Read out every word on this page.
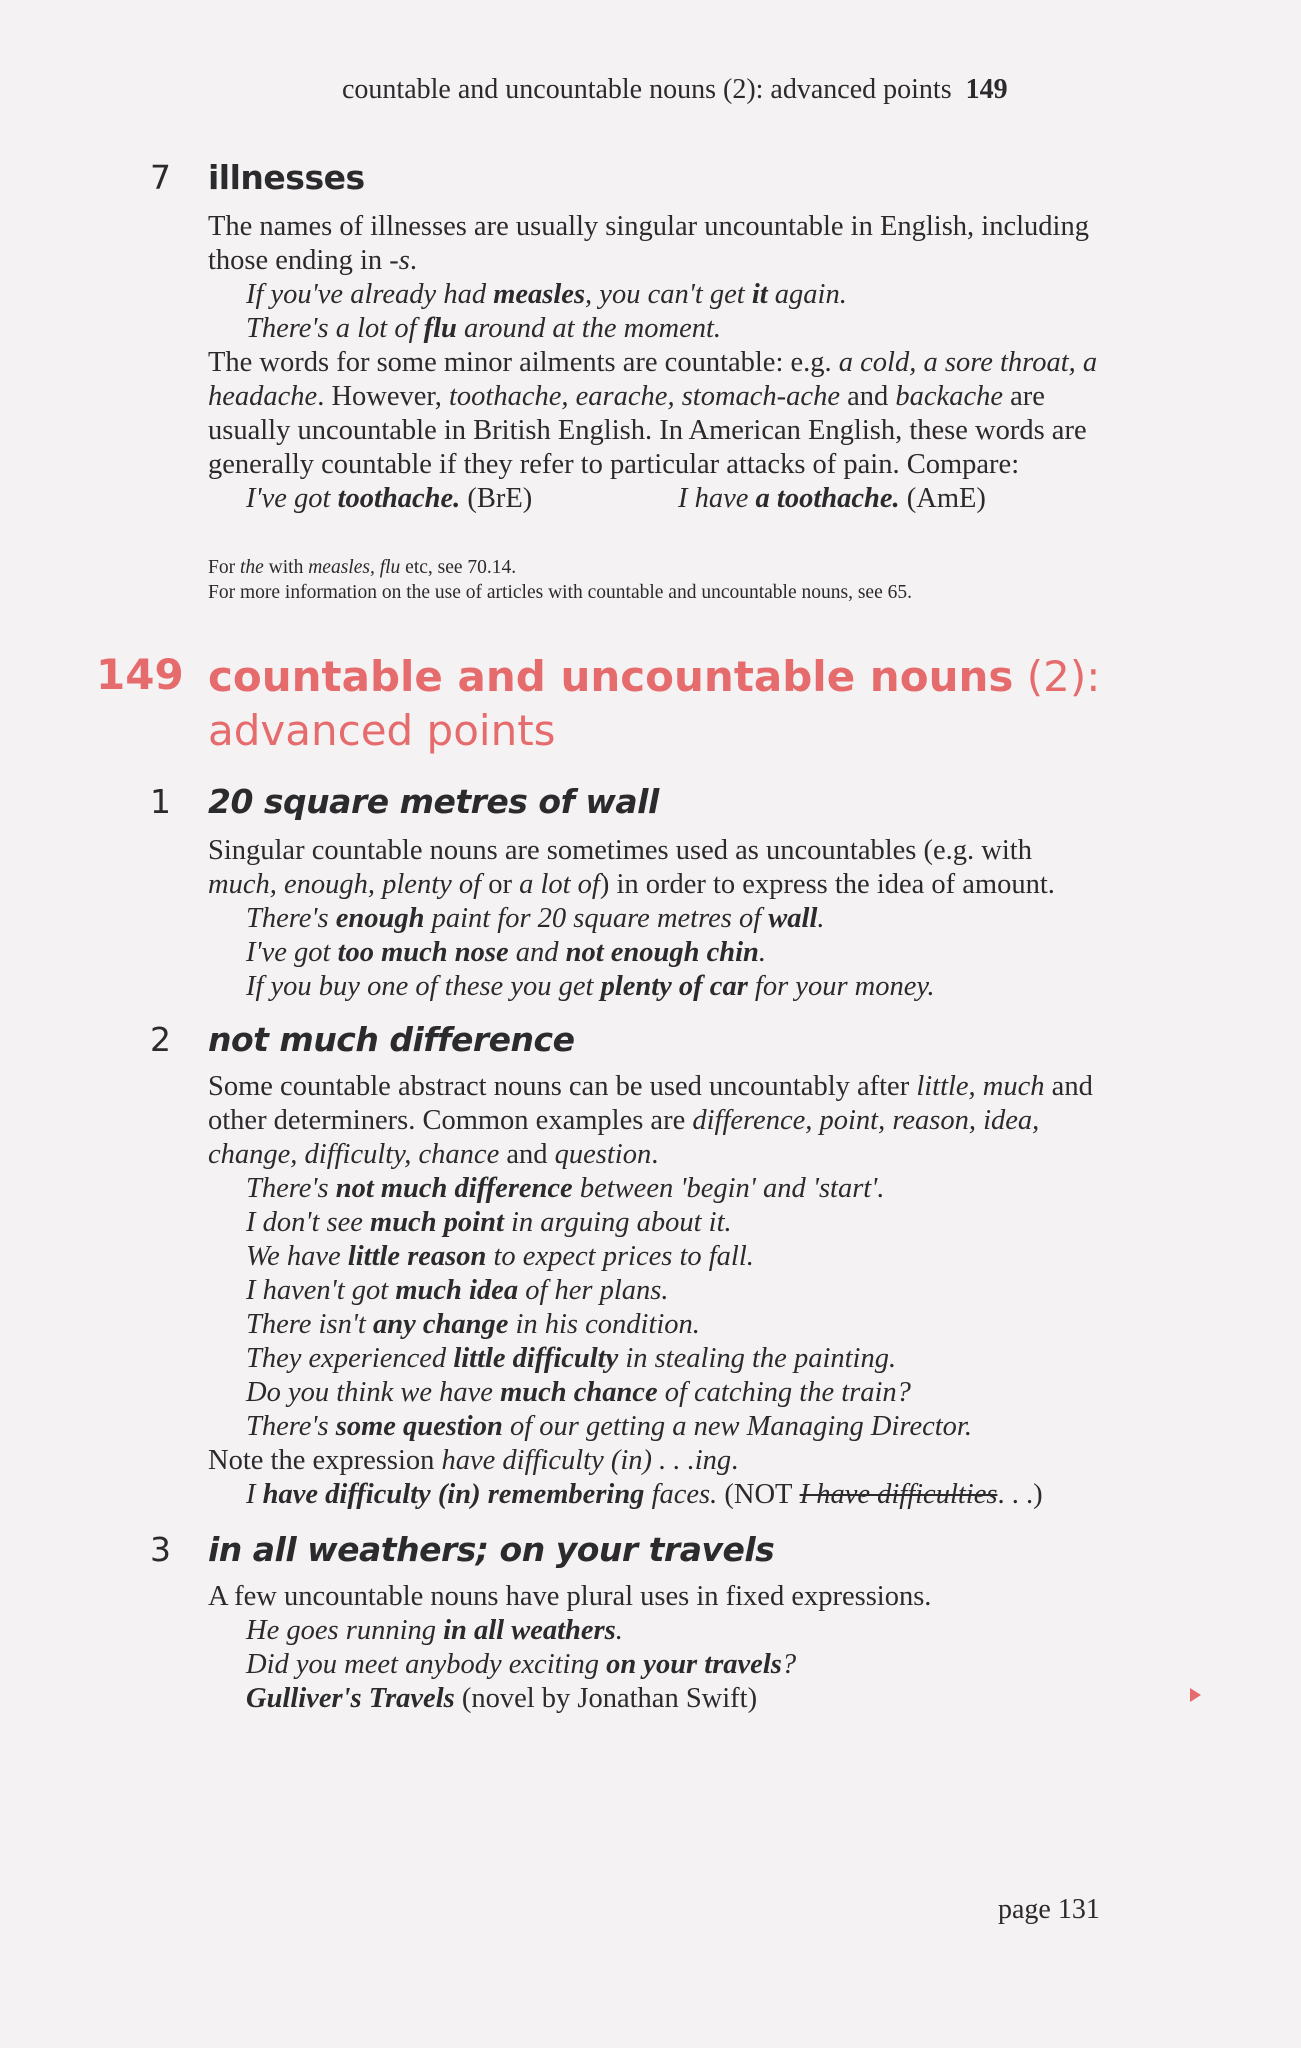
countable and uncountable nouns (2): advanced points 149
7 illnesses
The names of illnesses are usually singular uncountable in English, including
those ending in -s.
If you've already had measles, you can't get it again.
There's a lot of flu around at the moment.
The words for some minor ailments are countable: e.g. a cold, a sore throat, a
headache. However, toothache, earache, stomach-ache and backache are
usually uncountable in British English. In American English, these words are
generally countable if they refer to particular attacks of pain. Compare:
I've got toothache. (BrE)	I have a toothache. (AmE)
For the with measles, flu etc, see 70.14.
For more information on the use of articles with countable and uncountable nouns, see 65.
149 countable and uncountable nouns (2):
advanced points
1 20 square metres of wall
Singular countable nouns are sometimes used as uncountables (e.g. with
much, enough, plenty of or a lot of) in order to express the idea of amount.
There's enough paint for 20 square metres of wall.
I've got too much nose and not enough chin.
If you buy one of these you get plenty of car for your money.
2 not much difference
Some countable abstract nouns can be used uncountably after little, much and
other determiners. Common examples are difference, point, reason, idea,
change, difficulty, chance and question.
There's not much difference between 'begin' and 'start'.
I don't see much point in arguing about it.
We have little reason to expect prices to fall.
I haven't got much idea of her plans.
There isn't any change in his condition.
They experienced little difficulty in stealing the painting.
Do you think we have much chance of catching the train?
There's some question of our getting a new Managing Director.
Note the expression have difficulty (in) . . .ing.
I have difficulty (in) remembering faces. (NOT I have difficulties. . .)
3 in all weathers; on your travels
A few uncountable nouns have plural uses in fixed expressions.
He goes running in all weathers.
Did you meet anybody exciting on your travels?
Gulliver's Travels (novel by Jonathan Swift)
page 131
